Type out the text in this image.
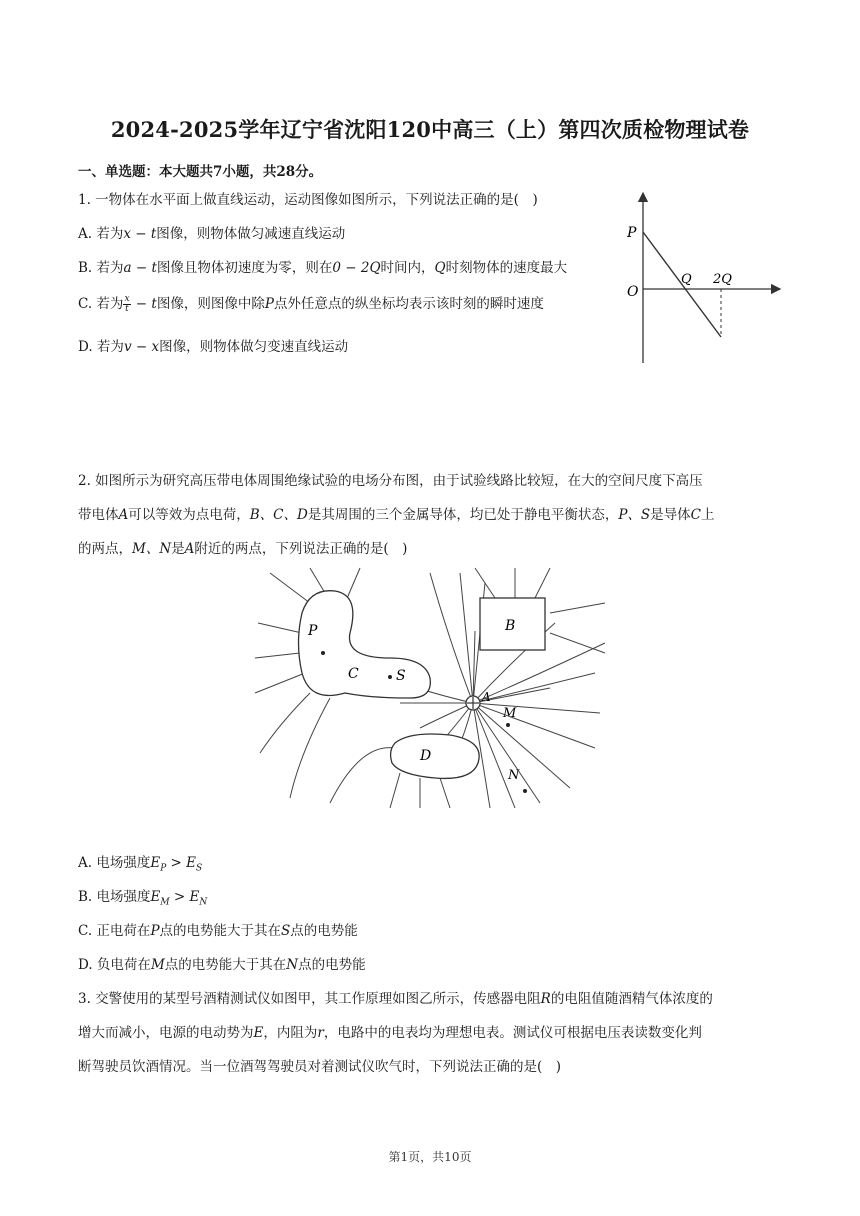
2024-2025学年辽宁省沈阳120中高三（上）第四次质检物理试卷
一、单选题：本大题共7小题，共28分。
1. 一物体在水平面上做直线运动，运动图像如图所示，下列说法正确的是(　)
A. 若为x − t图像，则物体做匀减速直线运动
B. 若为a − t图像且物体初速度为零，则在0 − 2Q时间内，Q时刻物体的速度最大
C. 若为 $\frac{x}{t} - t$图像，则图像中除P点外任意点的纵坐标均表示该时刻的瞬时速度
D. 若为v − x图像，则物体做匀变速直线运动
P
O
Q 2Q
2. 如图所示为研究高压带电体周围绝缘试验的电场分布图，由于试验线路比较短，在大的空间尺度下高压
带电体A可以等效为点电荷，B、C、D是其周围的三个金属导体，均已处于静电平衡状态，P、S是导体C上
的两点，M、N是A附近的两点，下列说法正确的是(　)
P
C	S
B
D
A
M
N
A. 电场强度$E_P > E_S$
B. 电场强度$E_M > E_N$
C. 正电荷在P点的电势能大于其在S点的电势能
D. 负电荷在M点的电势能大于其在N点的电势能
3. 交警使用的某型号酒精测试仪如图甲，其工作原理如图乙所示，传感器电阻R的电阻值随酒精气体浓度的
增大而减小，电源的电动势为E，内阻为r，电路中的电表均为理想电表。测试仪可根据电压表读数变化判
断驾驶员饮酒情况。当一位酒驾驾驶员对着测试仪吹气时，下列说法正确的是(　)
第1页，共10页
